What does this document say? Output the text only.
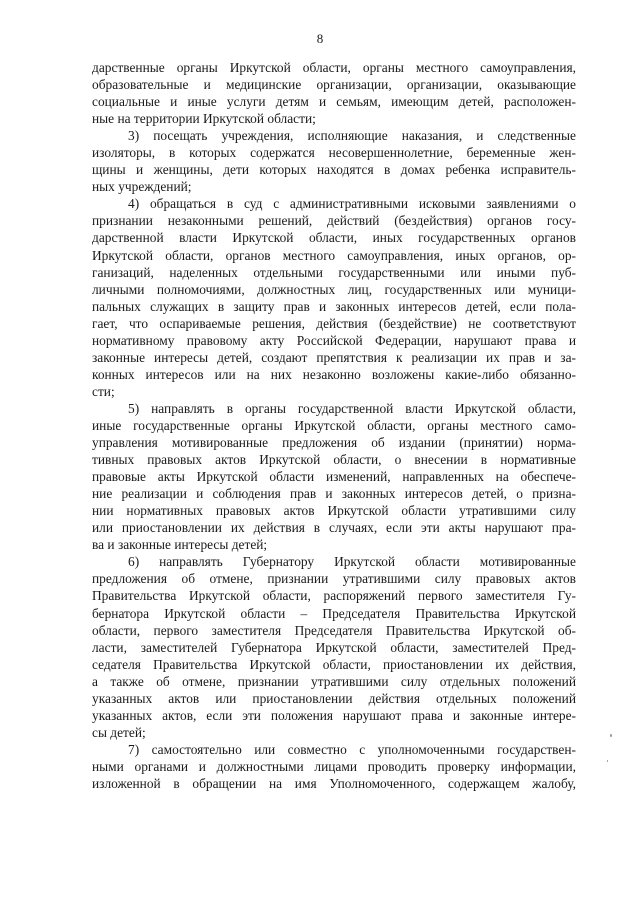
8
дарственные органы Иркутской области, органы местного самоуправления,
образовательные и медицинские организации, организации, оказывающие
социальные и иные услуги детям и семьям, имеющим детей, расположен-
ные на территории Иркутской области;
3) посещать учреждения, исполняющие наказания, и следственные
изоляторы, в которых содержатся несовершеннолетние, беременные жен-
щины и женщины, дети которых находятся в домах ребенка исправитель-
ных учреждений;
4) обращаться в суд с административными исковыми заявлениями о
признании незаконными решений, действий (бездействия) органов госу-
дарственной власти Иркутской области, иных государственных органов
Иркутской области, органов местного самоуправления, иных органов, ор-
ганизаций, наделенных отдельными государственными или иными пуб-
личными полномочиями, должностных лиц, государственных или муници-
пальных служащих в защиту прав и законных интересов детей, если пола-
гает, что оспариваемые решения, действия (бездействие) не соответствуют
нормативному правовому акту Российской Федерации, нарушают права и
законные интересы детей, создают препятствия к реализации их прав и за-
конных интересов или на них незаконно возложены какие-либо обязанно-
сти;
5) направлять в органы государственной власти Иркутской области,
иные государственные органы Иркутской области, органы местного само-
управления мотивированные предложения об издании (принятии) норма-
тивных правовых актов Иркутской области, о внесении в нормативные
правовые акты Иркутской области изменений, направленных на обеспече-
ние реализации и соблюдения прав и законных интересов детей, о призна-
нии нормативных правовых актов Иркутской области утратившими силу
или приостановлении их действия в случаях, если эти акты нарушают пра-
ва и законные интересы детей;
6) направлять Губернатору Иркутской области мотивированные
предложения об отмене, признании утратившими силу правовых актов
Правительства Иркутской области, распоряжений первого заместителя Гу-
бернатора Иркутской области – Председателя Правительства Иркутской
области, первого заместителя Председателя Правительства Иркутской об-
ласти, заместителей Губернатора Иркутской области, заместителей Пред-
седателя Правительства Иркутской области, приостановлении их действия,
а также об отмене, признании утратившими силу отдельных положений
указанных актов или приостановлении действия отдельных положений
указанных актов, если эти положения нарушают права и законные интере-
сы детей;
7) самостоятельно или совместно с уполномоченными государствен-
ными органами и должностными лицами проводить проверку информации,
изложенной в обращении на имя Уполномоченного, содержащем жалобу,
